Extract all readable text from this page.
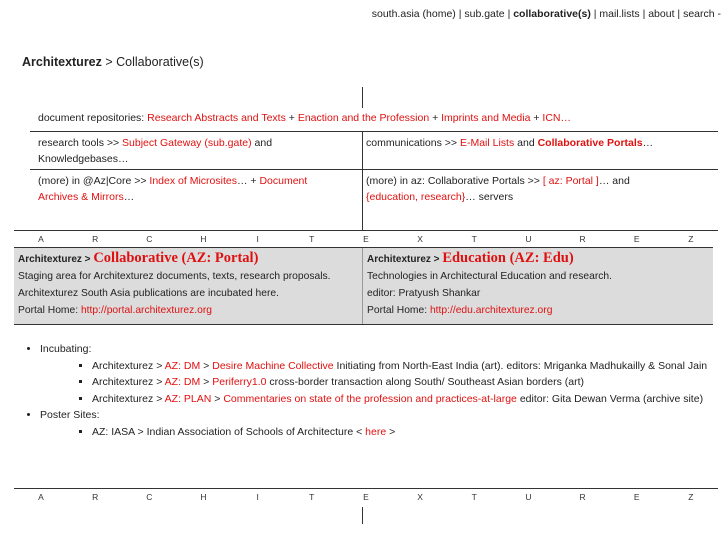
south.asia (home) | sub.gate | collaborative(s) | mail.lists | about | search -
Architexturez > Collaborative(s)
document repositories: Research Abstracts and Texts + Enaction and the Profession + Imprints and Media + ICN…
research tools >> Subject Gateway (sub.gate) and Knowledgebases…
communications >> E-Mail Lists and Collaborative Portals…
(more) in @Az|Core >> Index of Microsites… + Document Archives & Mirrors…
(more) in az: Collaborative Portals >> [ az: Portal ]… and {education, research}… servers
A	R	C	H	I	T	E	X	T	U	R	E	Z
Architexturez > Collaborative (AZ: Portal)
Staging area for Architexturez documents, texts, research proposals.
Architexturez South Asia publications are incubated here.
Portal Home: http://portal.architexturez.org
Architexturez > Education (AZ: Edu)
Technologies in Architectural Education and research.
editor: Pratyush Shankar
Portal Home: http://edu.architexturez.org
• Incubating:
▪ Architexturez > AZ: DM > Desire Machine Collective Initiating from North-East India (art). editors: Mriganka Madhukailly & Sonal Jain
▪ Architexturez > AZ: DM > Periferry1.0 cross-border transaction along South/ Southeast Asian borders (art)
▪ Architexturez > AZ: PLAN > Commentaries on state of the profession and practices-at-large editor: Gita Dewan Verma (archive site)
• Poster Sites:
▪ AZ: IASA > Indian Association of Schools of Architecture < here >
A	R	C	H	I	T	E	X	T	U	R	E	Z
